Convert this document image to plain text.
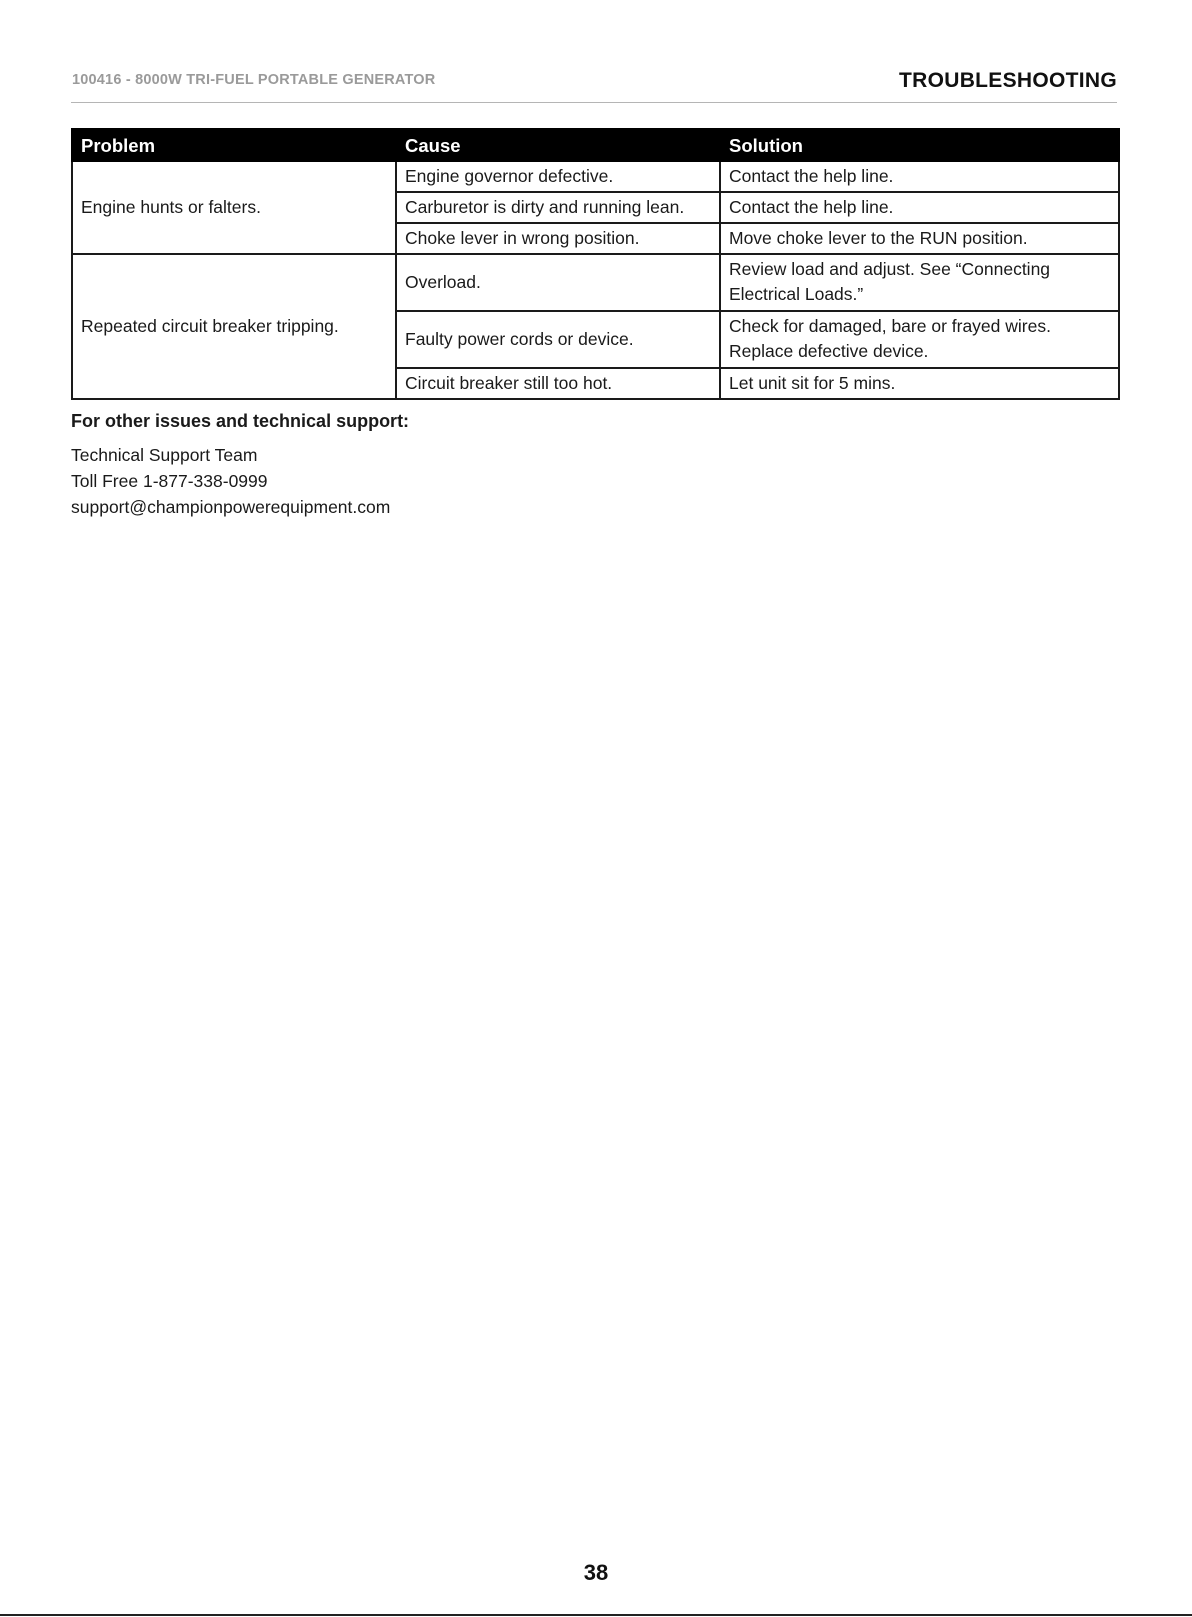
100416 - 8000W TRI-FUEL PORTABLE GENERATOR	TROUBLESHOOTING
Problem	Cause	Solution
Engine hunts or falters.	Engine governor defective.	Contact the help line.
	Carburetor is dirty and running lean.	Contact the help line.
	Choke lever in wrong position.	Move choke lever to the RUN position.
Repeated circuit breaker tripping.	Overload.	Review load and adjust. See “Connecting Electrical Loads.”
	Faulty power cords or device.	Check for damaged, bare or frayed wires. Replace defective device.
	Circuit breaker still too hot.	Let unit sit for 5 mins.
For other issues and technical support:
Technical Support Team
Toll Free 1-877-338-0999
support@championpowerequipment.com
38
